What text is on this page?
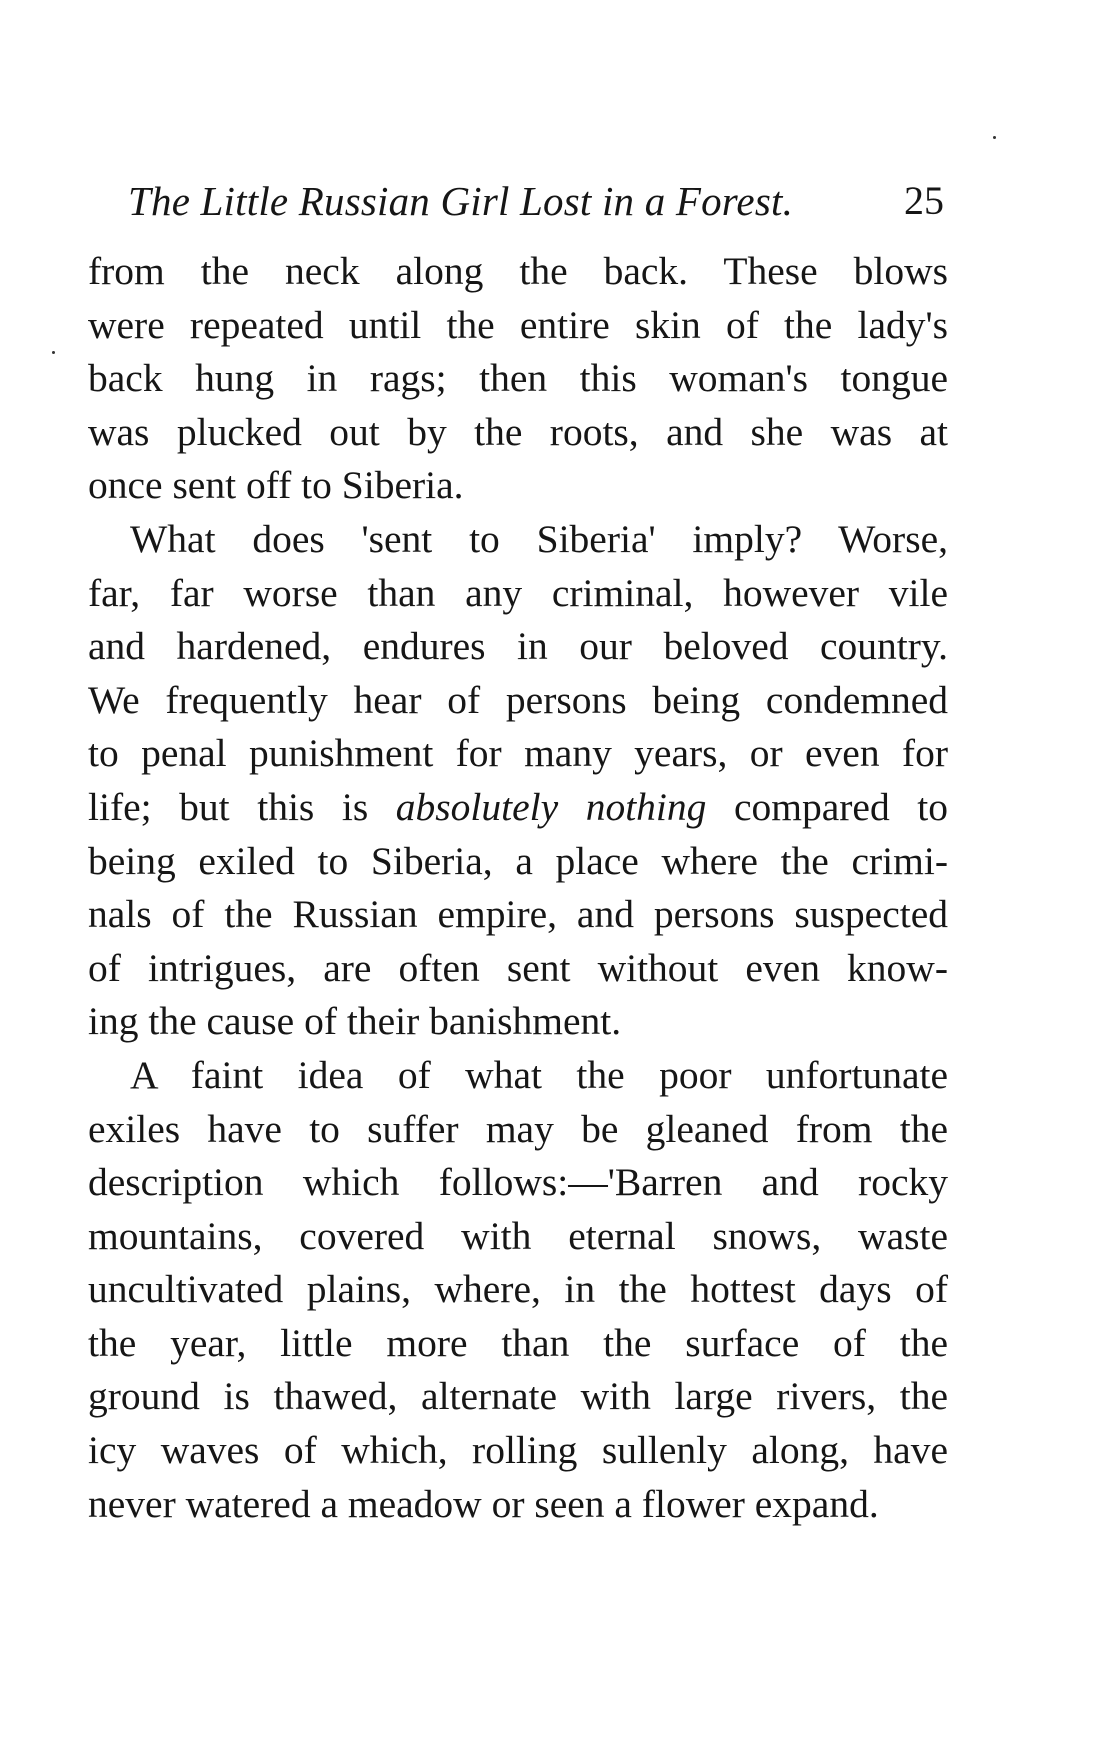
The Little Russian Girl Lost in a Forest.	25
from the neck along the back. These blows
were repeated until the entire skin of the lady's
back hung in rags; then this woman's tongue
was plucked out by the roots, and she was at
once sent off to Siberia.
What does 'sent to Siberia' imply? Worse,
far, far worse than any criminal, however vile
and hardened, endures in our beloved country.
We frequently hear of persons being condemned
to penal punishment for many years, or even for
life; but this is absolutely nothing compared to
being exiled to Siberia, a place where the crimi-
nals of the Russian empire, and persons suspected
of intrigues, are often sent without even know-
ing the cause of their banishment.
A faint idea of what the poor unfortunate
exiles have to suffer may be gleaned from the
description which follows:—'Barren and rocky
mountains, covered with eternal snows, waste
uncultivated plains, where, in the hottest days of
the year, little more than the surface of the
ground is thawed, alternate with large rivers, the
icy waves of which, rolling sullenly along, have
never watered a meadow or seen a flower expand.
